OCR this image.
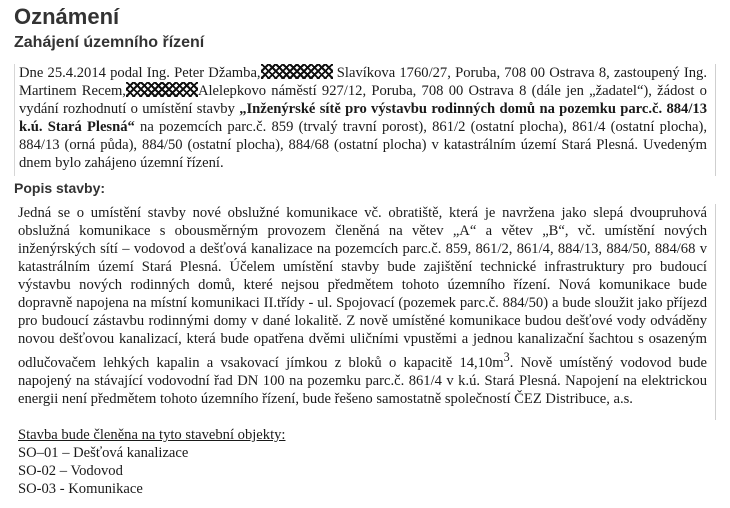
Oznámení
Zahájení územního řízení

Dne 25.4.2014 podal Ing. Peter Džamba,	Slavíkova 1760/27, Poruba, 708 00 Ostrava 8, zastoupený Ing. Martinem Recem,	Alelepkovo náměstí 927/12, Poruba, 708 00 Ostrava 8 (dále jen „žadatel“), žádost o vydání rozhodnutí o umístění stavby „Inženýrské sítě pro výstavbu rodinných domů na pozemku parc.č. 884/13 k.ú. Stará Plesná“ na pozemcích parc.č. 859 (trvalý travní porost), 861/2 (ostatní plocha), 861/4 (ostatní plocha), 884/13 (orná půda), 884/50 (ostatní plocha), 884/68 (ostatní plocha) v katastrálním území Stará Plesná. Uvedeným dnem bylo zahájeno územní řízení.

Popis stavby:

Jedná se o umístění stavby nové obslužné komunikace vč. obratiště, která je navržena jako slepá dvoupruhová obslužná komunikace s obousměrným provozem členěná na větev „A“ a větev „B“, vč. umístění nových inženýrských sítí – vodovod a dešťová kanalizace na pozemcích parc.č. 859, 861/2, 861/4, 884/13, 884/50, 884/68 v katastrálním území Stará Plesná. Účelem umístění stavby bude zajištění technické infrastruktury pro budoucí výstavbu nových rodinných domů, které nejsou předmětem tohoto územního řízení. Nová komunikace bude dopravně napojena na místní komunikaci II.třídy - ul. Spojovací (pozemek parc.č. 884/50) a bude sloužit jako příjezd pro budoucí zástavbu rodinnými domy v dané lokalitě. Z nově umístěné komunikace budou dešťové vody odváděny novou dešťovou kanalizací, která bude opatřena dvěmi uličními vpustěmi a jednou kanalizační šachtou s osazeným odlučovačem lehkých kapalin a vsakovací jímkou z bloků o kapacitě $14,10m^3$. Nově umístěný vodovod bude napojený na stávající vodovodní řad DN 100 na pozemku parc.č. 861/4 v k.ú. Stará Plesná. Napojení na elektrickou energii není předmětem tohoto územního řízení, bude řešeno samostatně společností ČEZ Distribuce, a.s.

Stavba bude členěna na tyto stavební objekty:
SO–01 – Dešťová kanalizace
SO-02 – Vodovod
SO-03 - Komunikace
